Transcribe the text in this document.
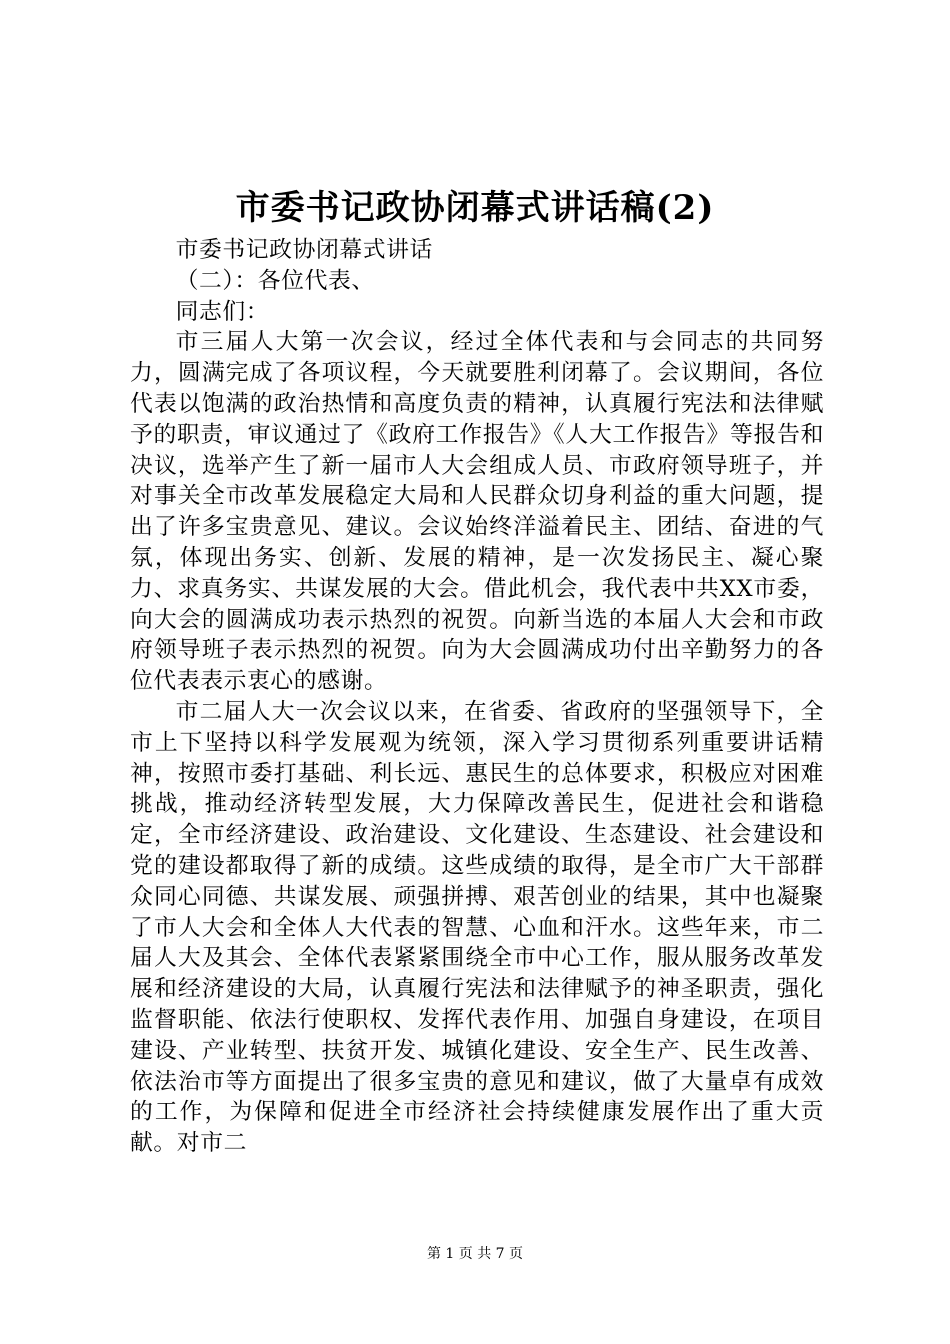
市委书记政协闭幕式讲话稿(2)

市委书记政协闭幕式讲话

（二）：各位代表、

同志们：

市三届人大第一次会议，经过全体代表和与会同志的共同努力，圆满完成了各项议程，今天就要胜利闭幕了。会议期间，各位代表以饱满的政治热情和高度负责的精神，认真履行宪法和法律赋予的职责，审议通过了《政府工作报告》《人大工作报告》等报告和决议，选举产生了新一届市人大会组成人员、市政府领导班子，并对事关全市改革发展稳定大局和人民群众切身利益的重大问题，提出了许多宝贵意见、建议。会议始终洋溢着民主、团结、奋进的气氛，体现出务实、创新、发展的精神，是一次发扬民主、凝心聚力、求真务实、共谋发展的大会。借此机会，我代表中共XX市委，向大会的圆满成功表示热烈的祝贺。向新当选的本届人大会和市政府领导班子表示热烈的祝贺。向为大会圆满成功付出辛勤努力的各位代表表示衷心的感谢。

市二届人大一次会议以来，在省委、省政府的坚强领导下，全市上下坚持以科学发展观为统领，深入学习贯彻系列重要讲话精神，按照市委打基础、利长远、惠民生的总体要求，积极应对困难挑战，推动经济转型发展，大力保障改善民生，促进社会和谐稳定，全市经济建设、政治建设、文化建设、生态建设、社会建设和党的建设都取得了新的成绩。这些成绩的取得，是全市广大干部群众同心同德、共谋发展、顽强拼搏、艰苦创业的结果，其中也凝聚了市人大会和全体人大代表的智慧、心血和汗水。这些年来，市二届人大及其会、全体代表紧紧围绕全市中心工作，服从服务改革发展和经济建设的大局，认真履行宪法和法律赋予的神圣职责，强化监督职能、依法行使职权、发挥代表作用、加强自身建设，在项目建设、产业转型、扶贫开发、城镇化建设、安全生产、民生改善、依法治市等方面提出了很多宝贵的意见和建议，做了大量卓有成效的工作，为保障和促进全市经济社会持续健康发展作出了重大贡献。对市二

第 1 页 共 7 页
